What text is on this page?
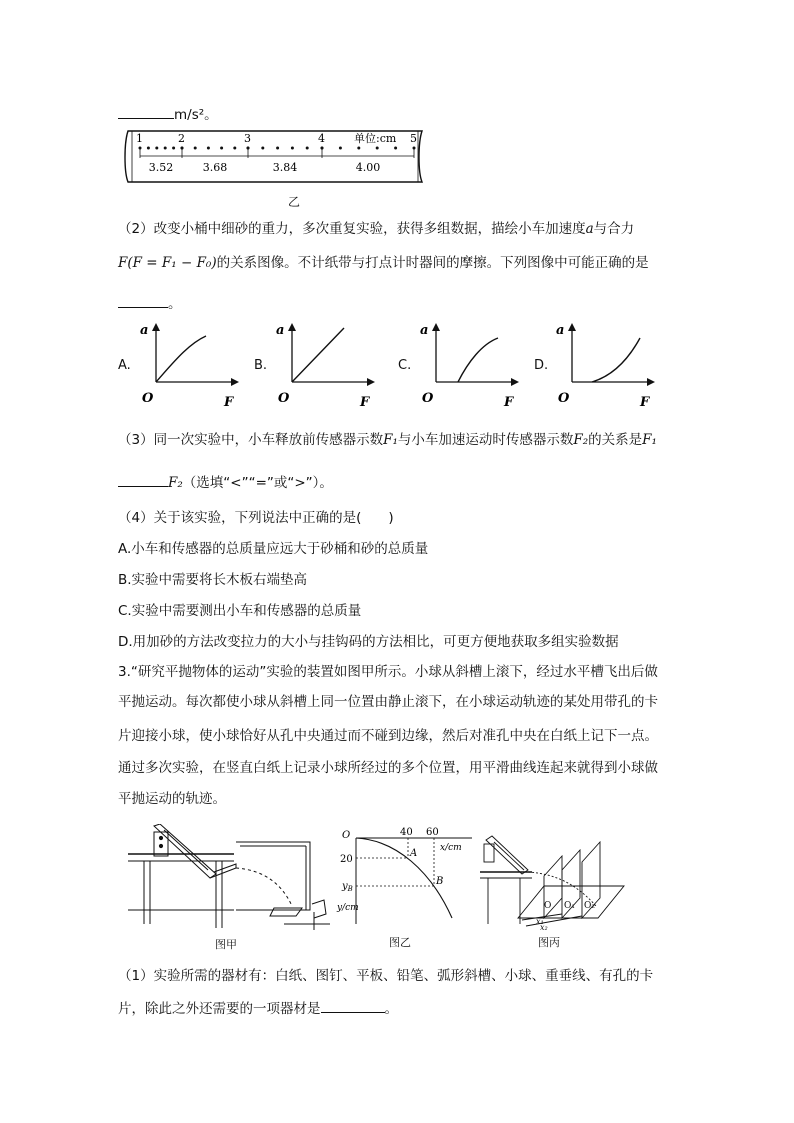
m/s²。
1	2	3	4	5
单位:cm
3.52	3.68	3.84	4.00
乙
（2）改变小桶中细砂的重力，多次重复实验，获得多组数据，描绘小车加速度a与合力
F(F = F₁ − F₀)的关系图像。不计纸带与打点计时器间的摩擦。下列图像中可能正确的是
。
A.
a
F
O
B.
a
F
O
C.
a
F
O
D.
a
F
O
（3）同一次实验中，小车释放前传感器示数F₁与小车加速运动时传感器示数F₂的关系是F₁
F₂（选填“<”“=”或“>”）。
（4）关于该实验，下列说法中正确的是(　　)
A.小车和传感器的总质量应远大于砂桶和砂的总质量
B.实验中需要将长木板右端垫高
C.实验中需要测出小车和传感器的总质量
D.用加砂的方法改变拉力的大小与挂钩码的方法相比，可更方便地获取多组实验数据
3.“研究平抛物体的运动”实验的装置如图甲所示。小球从斜槽上滚下，经过水平槽飞出后做
平抛运动。每次都使小球从斜槽上同一位置由静止滚下，在小球运动轨迹的某处用带孔的卡
片迎接小球，使小球恰好从孔中央通过而不碰到边缘，然后对准孔中央在白纸上记下一点。
通过多次实验，在竖直白纸上记录小球所经过的多个位置，用平滑曲线连起来就得到小球做
平抛运动的轨迹。
图甲
O	40 60
x/cm
20
$y_B$
y/cm
A
B
图乙
O O₁ O₂
x₁
x₂
图丙
（1）实验所需的器材有：白纸、图钉、平板、铅笔、弧形斜槽、小球、重垂线、有孔的卡
片，除此之外还需要的一项器材是	。
